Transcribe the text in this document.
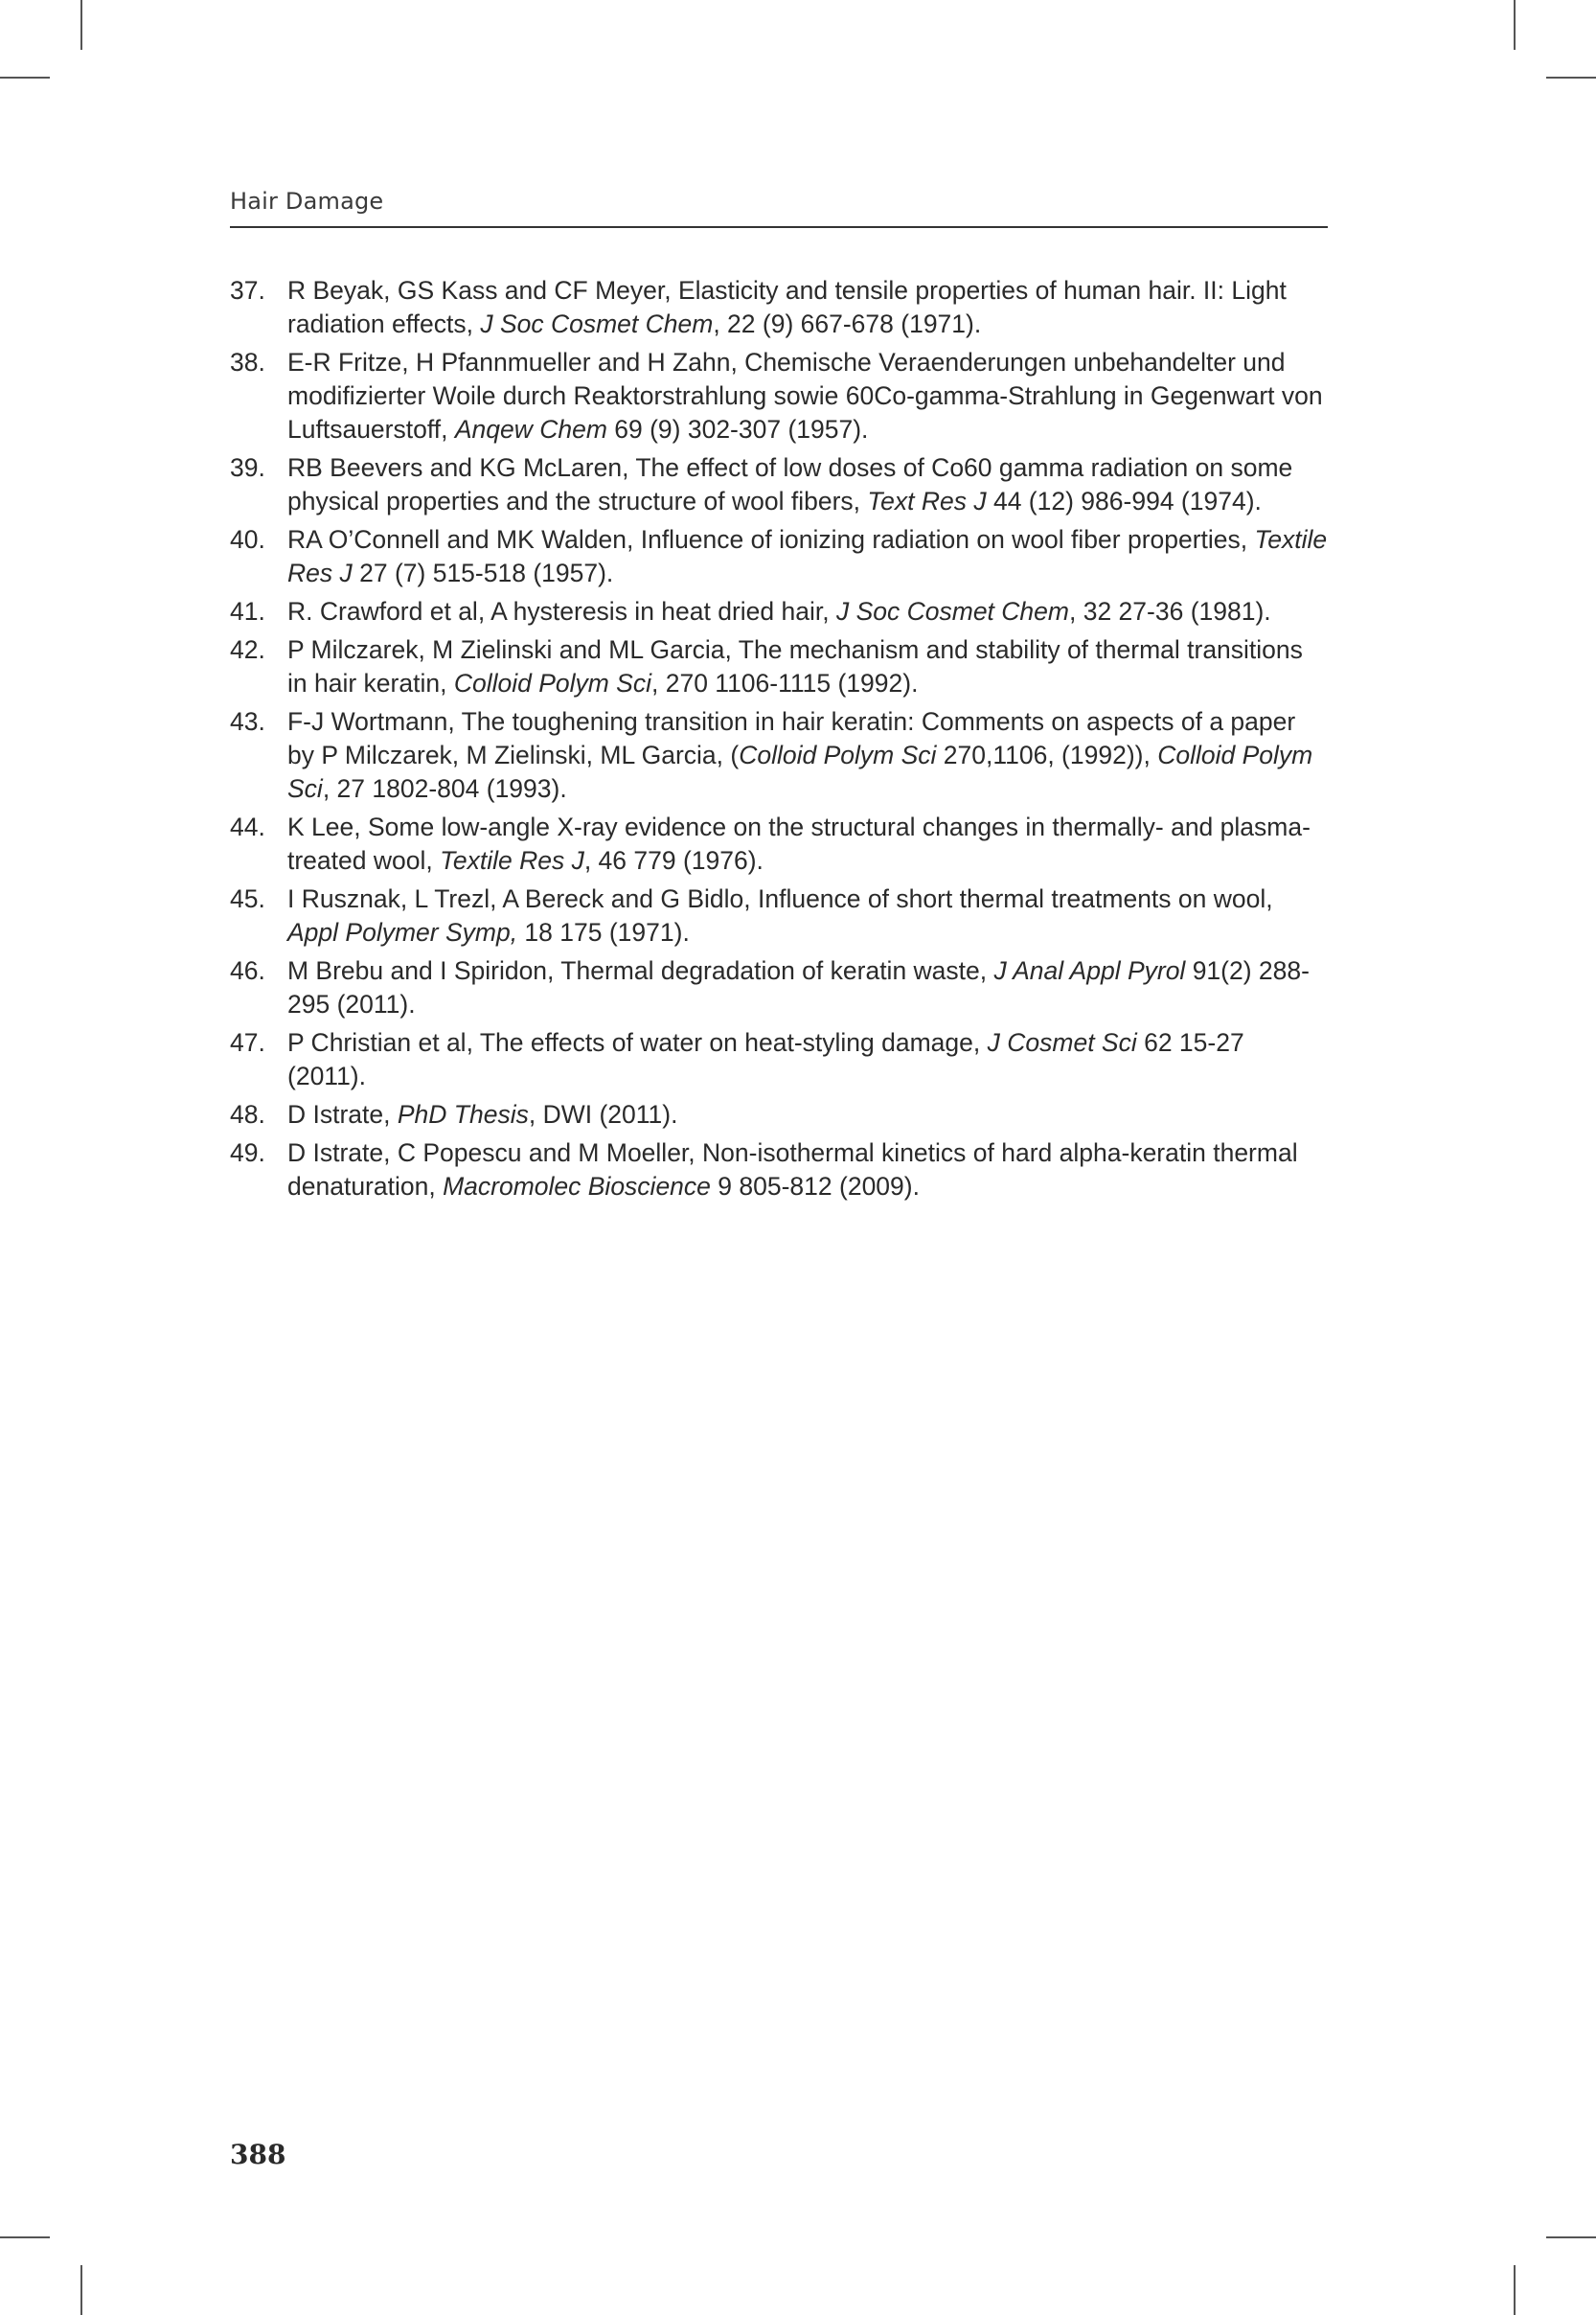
Hair Damage
37. R Beyak, GS Kass and CF Meyer, Elasticity and tensile properties of human hair. II: Light radiation effects, J Soc Cosmet Chem, 22 (9) 667-678 (1971).
38. E-R Fritze, H Pfannmueller and H Zahn, Chemische Veraenderungen unbehandelter und modifizierter Woile durch Reaktorstrahlung sowie 60Co-gamma-Strahlung in Gegenwart von Luftsauerstoff, Anqew Chem 69 (9) 302-307 (1957).
39. RB Beevers and KG McLaren, The effect of low doses of Co60 gamma radiation on some physical properties and the structure of wool fibers, Text Res J 44 (12) 986-994 (1974).
40. RA O’Connell and MK Walden, Influence of ionizing radiation on wool fiber properties, Textile Res J 27 (7) 515-518 (1957).
41. R. Crawford et al, A hysteresis in heat dried hair, J Soc Cosmet Chem, 32 27-36 (1981).
42. P Milczarek, M Zielinski and ML Garcia, The mechanism and stability of thermal transitions in hair keratin, Colloid Polym Sci, 270 1106-1115 (1992).
43. F-J Wortmann, The toughening transition in hair keratin: Comments on aspects of a paper by P Milczarek, M Zielinski, ML Garcia, (Colloid Polym Sci 270,1106, (1992)), Colloid Polym Sci, 27 1802-804 (1993).
44. K Lee, Some low-angle X-ray evidence on the structural changes in thermally- and plasma-treated wool, Textile Res J, 46 779 (1976).
45. I Rusznak, L Trezl, A Bereck and G Bidlo, Influence of short thermal treatments on wool, Appl Polymer Symp, 18 175 (1971).
46. M Brebu and I Spiridon, Thermal degradation of keratin waste, J Anal Appl Pyrol 91(2) 288-295 (2011).
47. P Christian et al, The effects of water on heat-styling damage, J Cosmet Sci 62 15-27 (2011).
48. D Istrate, PhD Thesis, DWI (2011).
49. D Istrate, C Popescu and M Moeller, Non-isothermal kinetics of hard alpha-keratin thermal denaturation, Macromolec Bioscience 9 805-812 (2009).
388
